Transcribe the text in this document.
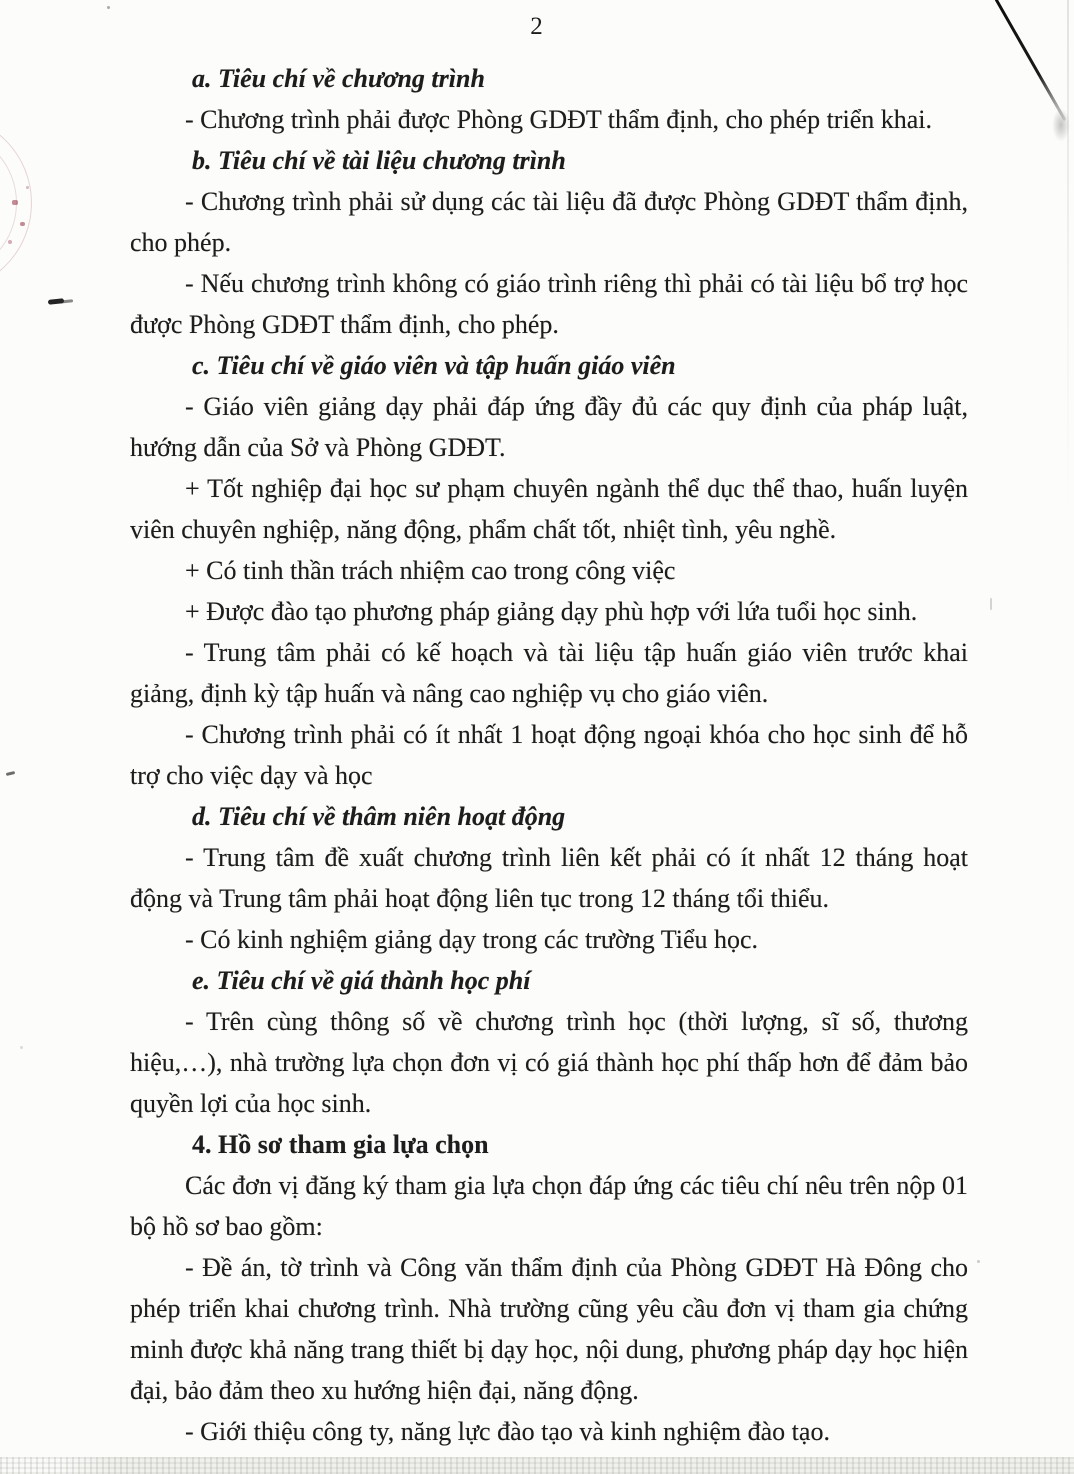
2

a. Tiêu chí về chương trình

- Chương trình phải được Phòng GDĐT thẩm định, cho phép triển khai.

b. Tiêu chí về tài liệu chương trình

- Chương trình phải sử dụng các tài liệu đã được Phòng GDĐT thẩm định, cho phép.

- Nếu chương trình không có giáo trình riêng thì phải có tài liệu bổ trợ học được Phòng GDĐT thẩm định, cho phép.

c. Tiêu chí về giáo viên và tập huấn giáo viên

- Giáo viên giảng dạy phải đáp ứng đầy đủ các quy định của pháp luật, hướng dẫn của Sở và Phòng GDĐT.

+ Tốt nghiệp đại học sư phạm chuyên ngành thể dục thể thao, huấn luyện viên chuyên nghiệp, năng động, phẩm chất tốt, nhiệt tình, yêu nghề.

+ Có tinh thần trách nhiệm cao trong công việc

+ Được đào tạo phương pháp giảng dạy phù hợp với lứa tuổi học sinh.

- Trung tâm phải có kế hoạch và tài liệu tập huấn giáo viên trước khai giảng, định kỳ tập huấn và nâng cao nghiệp vụ cho giáo viên.

- Chương trình phải có ít nhất 1 hoạt động ngoại khóa cho học sinh để hỗ trợ cho việc dạy và học

d. Tiêu chí về thâm niên hoạt động

- Trung tâm đề xuất chương trình liên kết phải có ít nhất 12 tháng hoạt động và Trung tâm phải hoạt động liên tục trong 12 tháng tổi thiểu.

- Có kinh nghiệm giảng dạy trong các trường Tiểu học.

e. Tiêu chí về giá thành học phí

- Trên cùng thông số về chương trình học (thời lượng, sĩ số, thương hiệu,…), nhà trường lựa chọn đơn vị có giá thành học phí thấp hơn để đảm bảo quyền lợi của học sinh.

4. Hồ sơ tham gia lựa chọn

Các đơn vị đăng ký tham gia lựa chọn đáp ứng các tiêu chí nêu trên nộp 01 bộ hồ sơ bao gồm:

- Đề án, tờ trình và Công văn thẩm định của Phòng GDĐT Hà Đông cho phép triển khai chương trình. Nhà trường cũng yêu cầu đơn vị tham gia chứng minh được khả năng trang thiết bị dạy học, nội dung, phương pháp dạy học hiện đại, bảo đảm theo xu hướng hiện đại, năng động.

- Giới thiệu công ty, năng lực đào tạo và kinh nghiệm đào tạo.
